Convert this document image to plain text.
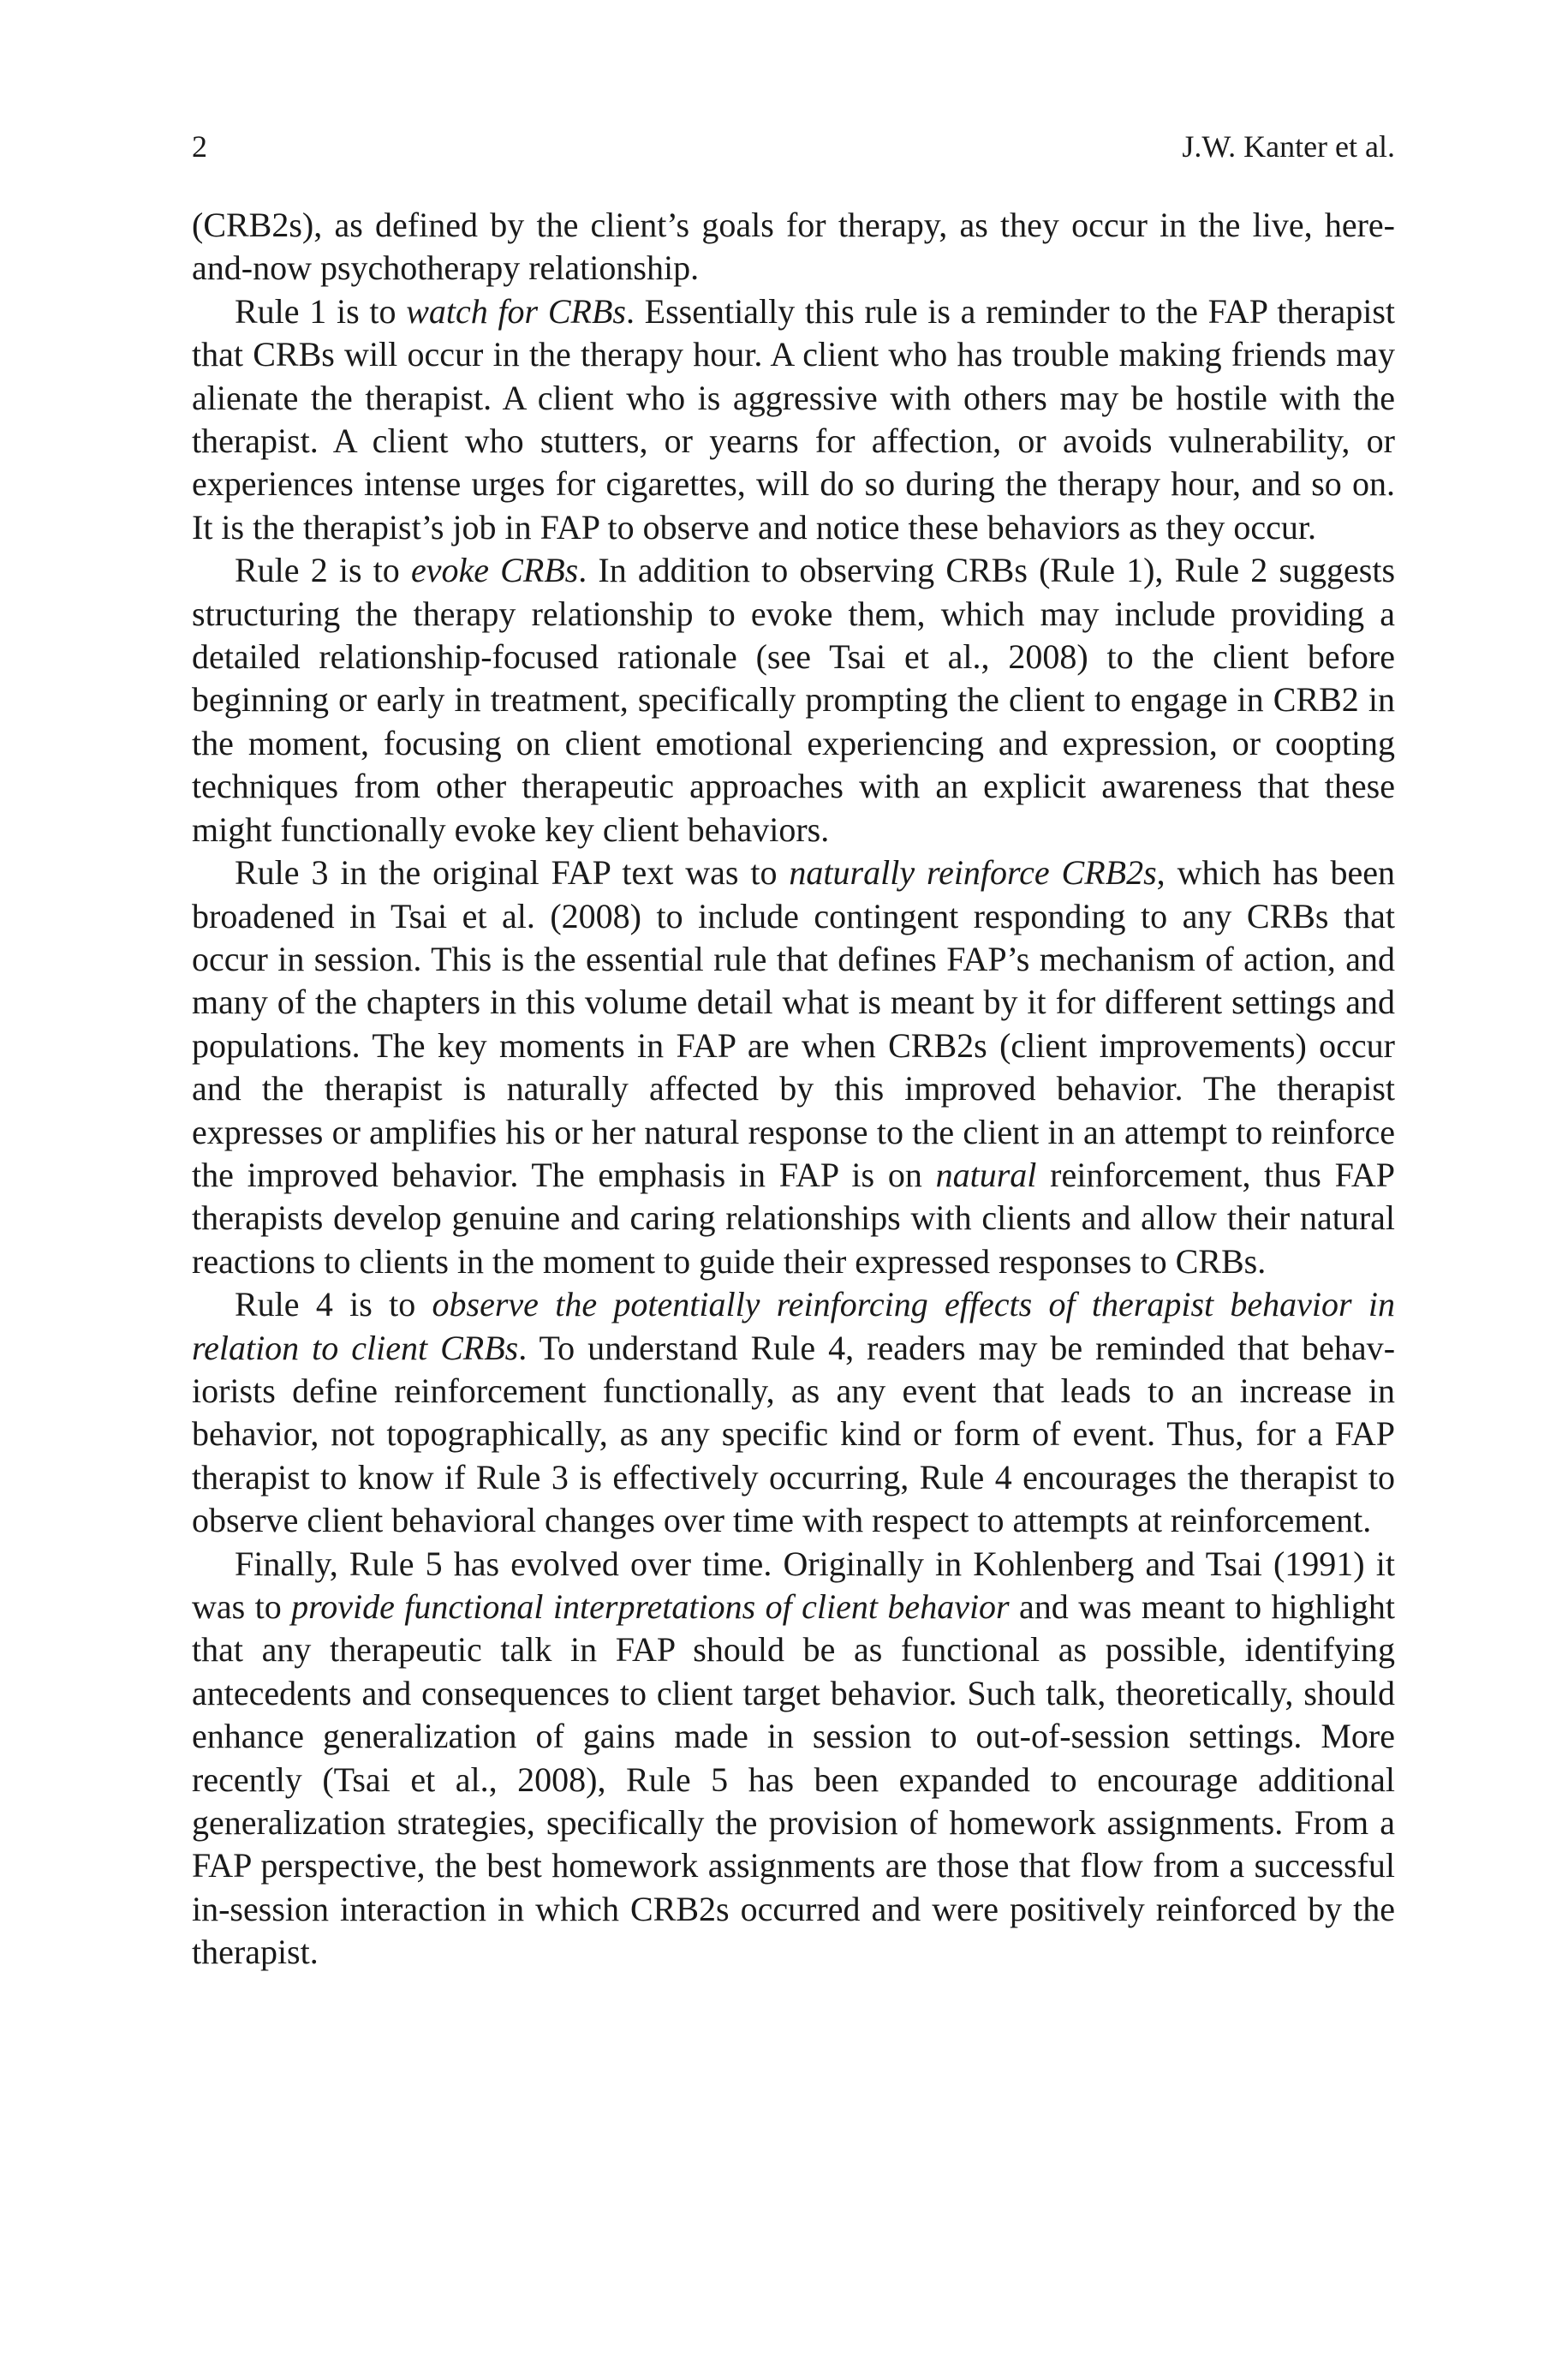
2	J.W. Kanter et al.

(CRB2s), as defined by the client’s goals for therapy, as they occur in the live, here-and-now psychotherapy relationship.

Rule 1 is to watch for CRBs. Essentially this rule is a reminder to the FAP therapist that CRBs will occur in the therapy hour. A client who has trouble making friends may alienate the therapist. A client who is aggressive with others may be hostile with the therapist. A client who stutters, or yearns for affection, or avoids vulnerability, or experiences intense urges for cigarettes, will do so during the therapy hour, and so on. It is the therapist’s job in FAP to observe and notice these behaviors as they occur.

Rule 2 is to evoke CRBs. In addition to observing CRBs (Rule 1), Rule 2 suggests structuring the therapy relationship to evoke them, which may include providing a detailed relationship-focused rationale (see Tsai et al., 2008) to the client before beginning or early in treatment, specifically prompting the client to engage in CRB2 in the moment, focusing on client emotional experiencing and expression, or coopting techniques from other therapeutic approaches with an explicit awareness that these might functionally evoke key client behaviors.

Rule 3 in the original FAP text was to naturally reinforce CRB2s, which has been broadened in Tsai et al. (2008) to include contingent responding to any CRBs that occur in session. This is the essential rule that defines FAP’s mechanism of action, and many of the chapters in this volume detail what is meant by it for different settings and populations. The key moments in FAP are when CRB2s (client improvements) occur and the therapist is naturally affected by this improved behavior. The therapist expresses or amplifies his or her natural response to the client in an attempt to reinforce the improved behavior. The emphasis in FAP is on natural reinforcement, thus FAP therapists develop genuine and caring relationships with clients and allow their natural reactions to clients in the moment to guide their expressed responses to CRBs.

Rule 4 is to observe the potentially reinforcing effects of therapist behavior in relation to client CRBs. To understand Rule 4, readers may be reminded that behaviorists define reinforcement functionally, as any event that leads to an increase in behavior, not topographically, as any specific kind or form of event. Thus, for a FAP therapist to know if Rule 3 is effectively occurring, Rule 4 encourages the therapist to observe client behavioral changes over time with respect to attempts at reinforcement.

Finally, Rule 5 has evolved over time. Originally in Kohlenberg and Tsai (1991) it was to provide functional interpretations of client behavior and was meant to highlight that any therapeutic talk in FAP should be as functional as possible, identifying antecedents and consequences to client target behavior. Such talk, theoretically, should enhance generalization of gains made in session to out-of-session settings. More recently (Tsai et al., 2008), Rule 5 has been expanded to encourage additional generalization strategies, specifically the provision of homework assignments. From a FAP perspective, the best homework assignments are those that flow from a successful in-session interaction in which CRB2s occurred and were positively reinforced by the therapist.
